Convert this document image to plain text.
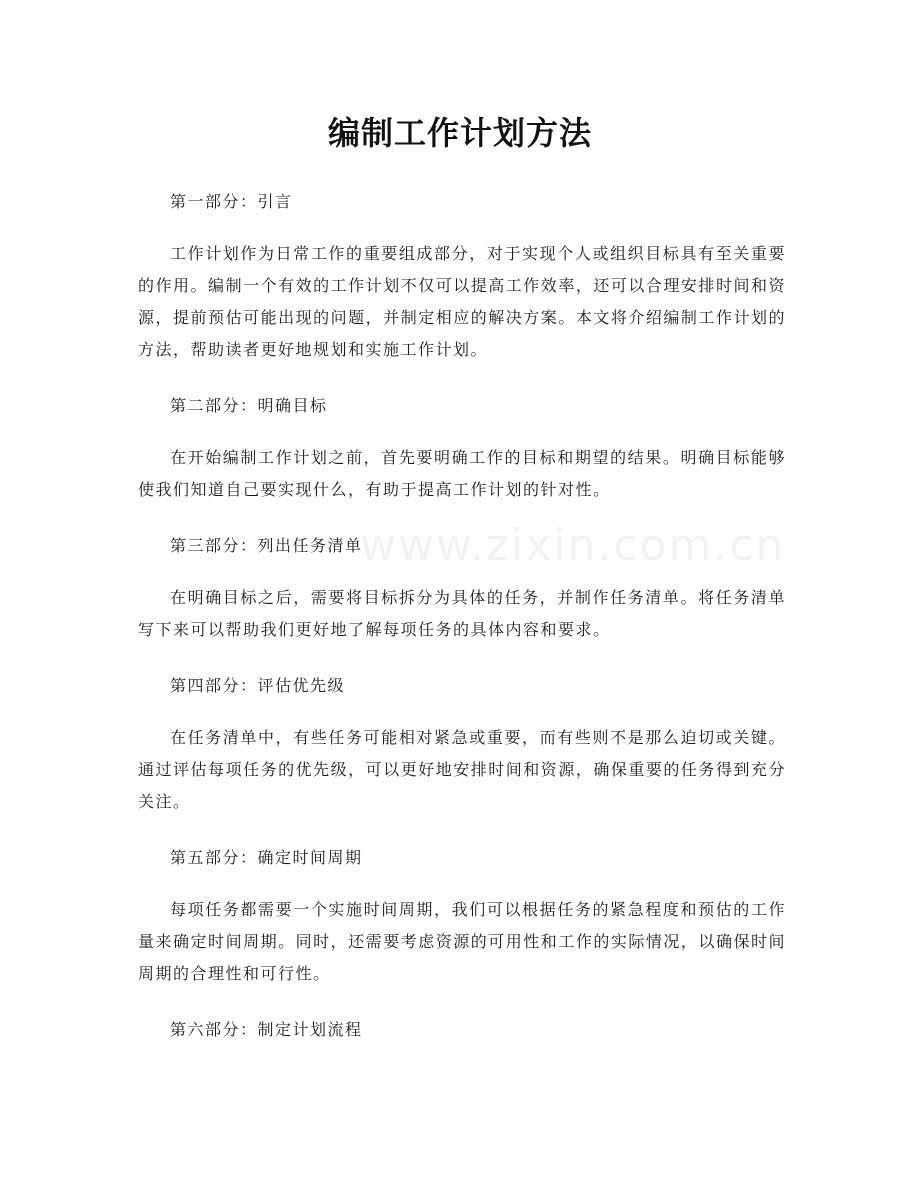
www.zixin.com.cn
编制工作计划方法

第一部分：引言

工作计划作为日常工作的重要组成部分，对于实现个人或组织目标具有至关重要的作用。编制一个有效的工作计划不仅可以提高工作效率，还可以合理安排时间和资源，提前预估可能出现的问题，并制定相应的解决方案。本文将介绍编制工作计划的方法，帮助读者更好地规划和实施工作计划。

第二部分：明确目标

在开始编制工作计划之前，首先要明确工作的目标和期望的结果。明确目标能够使我们知道自己要实现什么，有助于提高工作计划的针对性。

第三部分：列出任务清单

在明确目标之后，需要将目标拆分为具体的任务，并制作任务清单。将任务清单写下来可以帮助我们更好地了解每项任务的具体内容和要求。

第四部分：评估优先级

在任务清单中，有些任务可能相对紧急或重要，而有些则不是那么迫切或关键。通过评估每项任务的优先级，可以更好地安排时间和资源，确保重要的任务得到充分关注。

第五部分：确定时间周期

每项任务都需要一个实施时间周期，我们可以根据任务的紧急程度和预估的工作量来确定时间周期。同时，还需要考虑资源的可用性和工作的实际情况，以确保时间周期的合理性和可行性。

第六部分：制定计划流程
